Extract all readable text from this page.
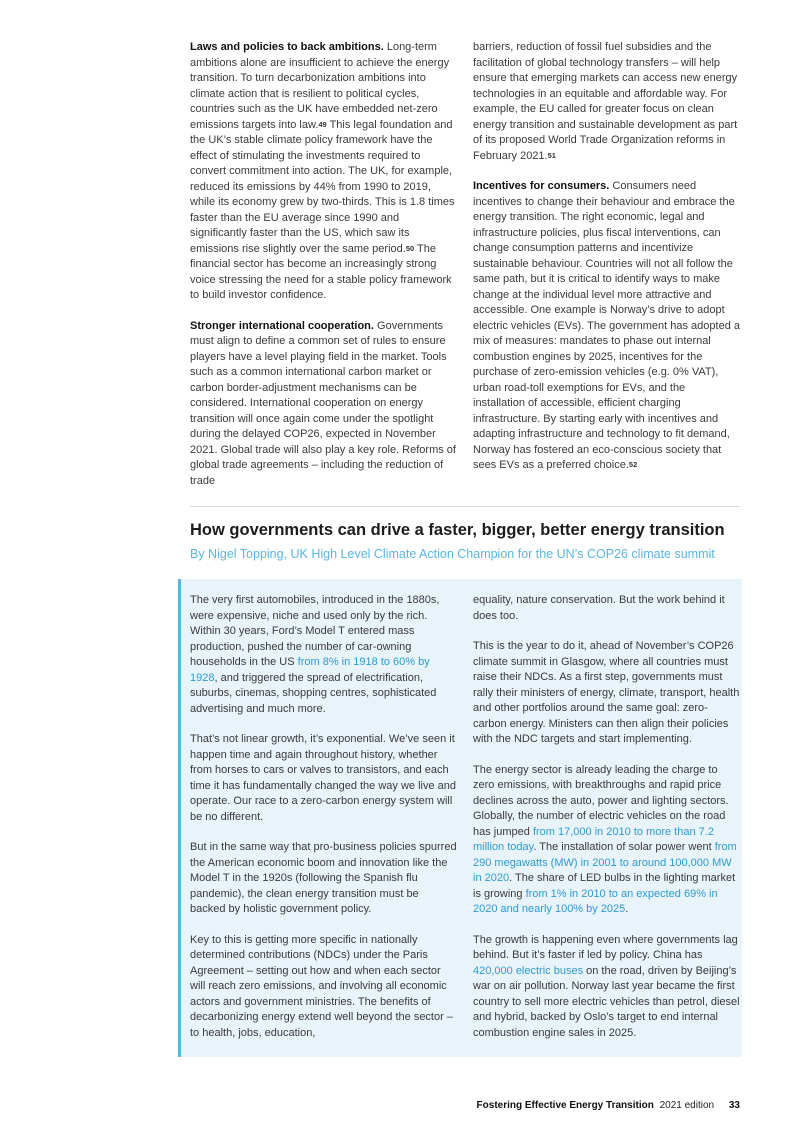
Laws and policies to back ambitions. Long-term ambitions alone are insufficient to achieve the energy transition. To turn decarbonization ambitions into climate action that is resilient to political cycles, countries such as the UK have embedded net-zero emissions targets into law.$^{49}$ This legal foundation and the UK’s stable climate policy framework have the effect of stimulating the investments required to convert commitment into action. The UK, for example, reduced its emissions by 44% from 1990 to 2019, while its economy grew by two-thirds. This is 1.8 times faster than the EU average since 1990 and significantly faster than the US, which saw its emissions rise slightly over the same period.$^{50}$ The financial sector has become an increasingly strong voice stressing the need for a stable policy framework to build investor confidence.

Stronger international cooperation. Governments must align to define a common set of rules to ensure players have a level playing field in the market. Tools such as a common international carbon market or carbon border-adjustment mechanisms can be considered. International cooperation on energy transition will once again come under the spotlight during the delayed COP26, expected in November 2021. Global trade will also play a key role. Reforms of global trade agreements – including the reduction of trade

barriers, reduction of fossil fuel subsidies and the facilitation of global technology transfers – will help ensure that emerging markets can access new energy technologies in an equitable and affordable way. For example, the EU called for greater focus on clean energy transition and sustainable development as part of its proposed World Trade Organization reforms in February 2021.51

Incentives for consumers. Consumers need incentives to change their behaviour and embrace the energy transition. The right economic, legal and infrastructure policies, plus fiscal interventions, can change consumption patterns and incentivize sustainable behaviour. Countries will not all follow the same path, but it is critical to identify ways to make change at the individual level more attractive and accessible. One example is Norway’s drive to adopt electric vehicles (EVs). The government has adopted a mix of measures: mandates to phase out internal combustion engines by 2025, incentives for the purchase of zero-emission vehicles (e.g. 0% VAT), urban road-toll exemptions for EVs, and the installation of accessible, efficient charging infrastructure. By starting early with incentives and adapting infrastructure and technology to fit demand, Norway has fostered an eco-conscious society that sees EVs as a preferred choice.$^{52}$

How governments can drive a faster, bigger, better energy transition

By Nigel Topping, UK High Level Climate Action Champion for the UN’s COP26 climate summit

The very first automobiles, introduced in the 1880s, were expensive, niche and used only by the rich. Within 30 years, Ford’s Model T entered mass production, pushed the number of car-owning households in the US from 8% in 1918 to 60% by 1928, and triggered the spread of electrification, suburbs, cinemas, shopping centres, sophisticated advertising and much more.

That’s not linear growth, it’s exponential. We’ve seen it happen time and again throughout history, whether from horses to cars or valves to transistors, and each time it has fundamentally changed the way we live and operate. Our race to a zero-carbon energy system will be no different.

But in the same way that pro-business policies spurred the American economic boom and innovation like the Model T in the 1920s (following the Spanish flu pandemic), the clean energy transition must be backed by holistic government policy.

Key to this is getting more specific in nationally determined contributions (NDCs) under the Paris Agreement – setting out how and when each sector will reach zero emissions, and involving all economic actors and government ministries. The benefits of decarbonizing energy extend well beyond the sector – to health, jobs, education,

equality, nature conservation. But the work behind it does too.

This is the year to do it, ahead of November’s COP26 climate summit in Glasgow, where all countries must raise their NDCs. As a first step, governments must rally their ministers of energy, climate, transport, health and other portfolios around the same goal: zero-carbon energy. Ministers can then align their policies with the NDC targets and start implementing.

The energy sector is already leading the charge to zero emissions, with breakthroughs and rapid price declines across the auto, power and lighting sectors. Globally, the number of electric vehicles on the road has jumped from 17,000 in 2010 to more than 7.2 million today. The installation of solar power went from 290 megawatts (MW) in 2001 to around 100,000 MW in 2020. The share of LED bulbs in the lighting market is growing from 1% in 2010 to an expected 69% in 2020 and nearly 100% by 2025.

The growth is happening even where governments lag behind. But it’s faster if led by policy. China has 420,000 electric buses on the road, driven by Beijing’s war on air pollution. Norway last year became the first country to sell more electric vehicles than petrol, diesel and hybrid, backed by Oslo’s target to end internal combustion engine sales in 2025.

Fostering Effective Energy Transition 2021 edition 33
